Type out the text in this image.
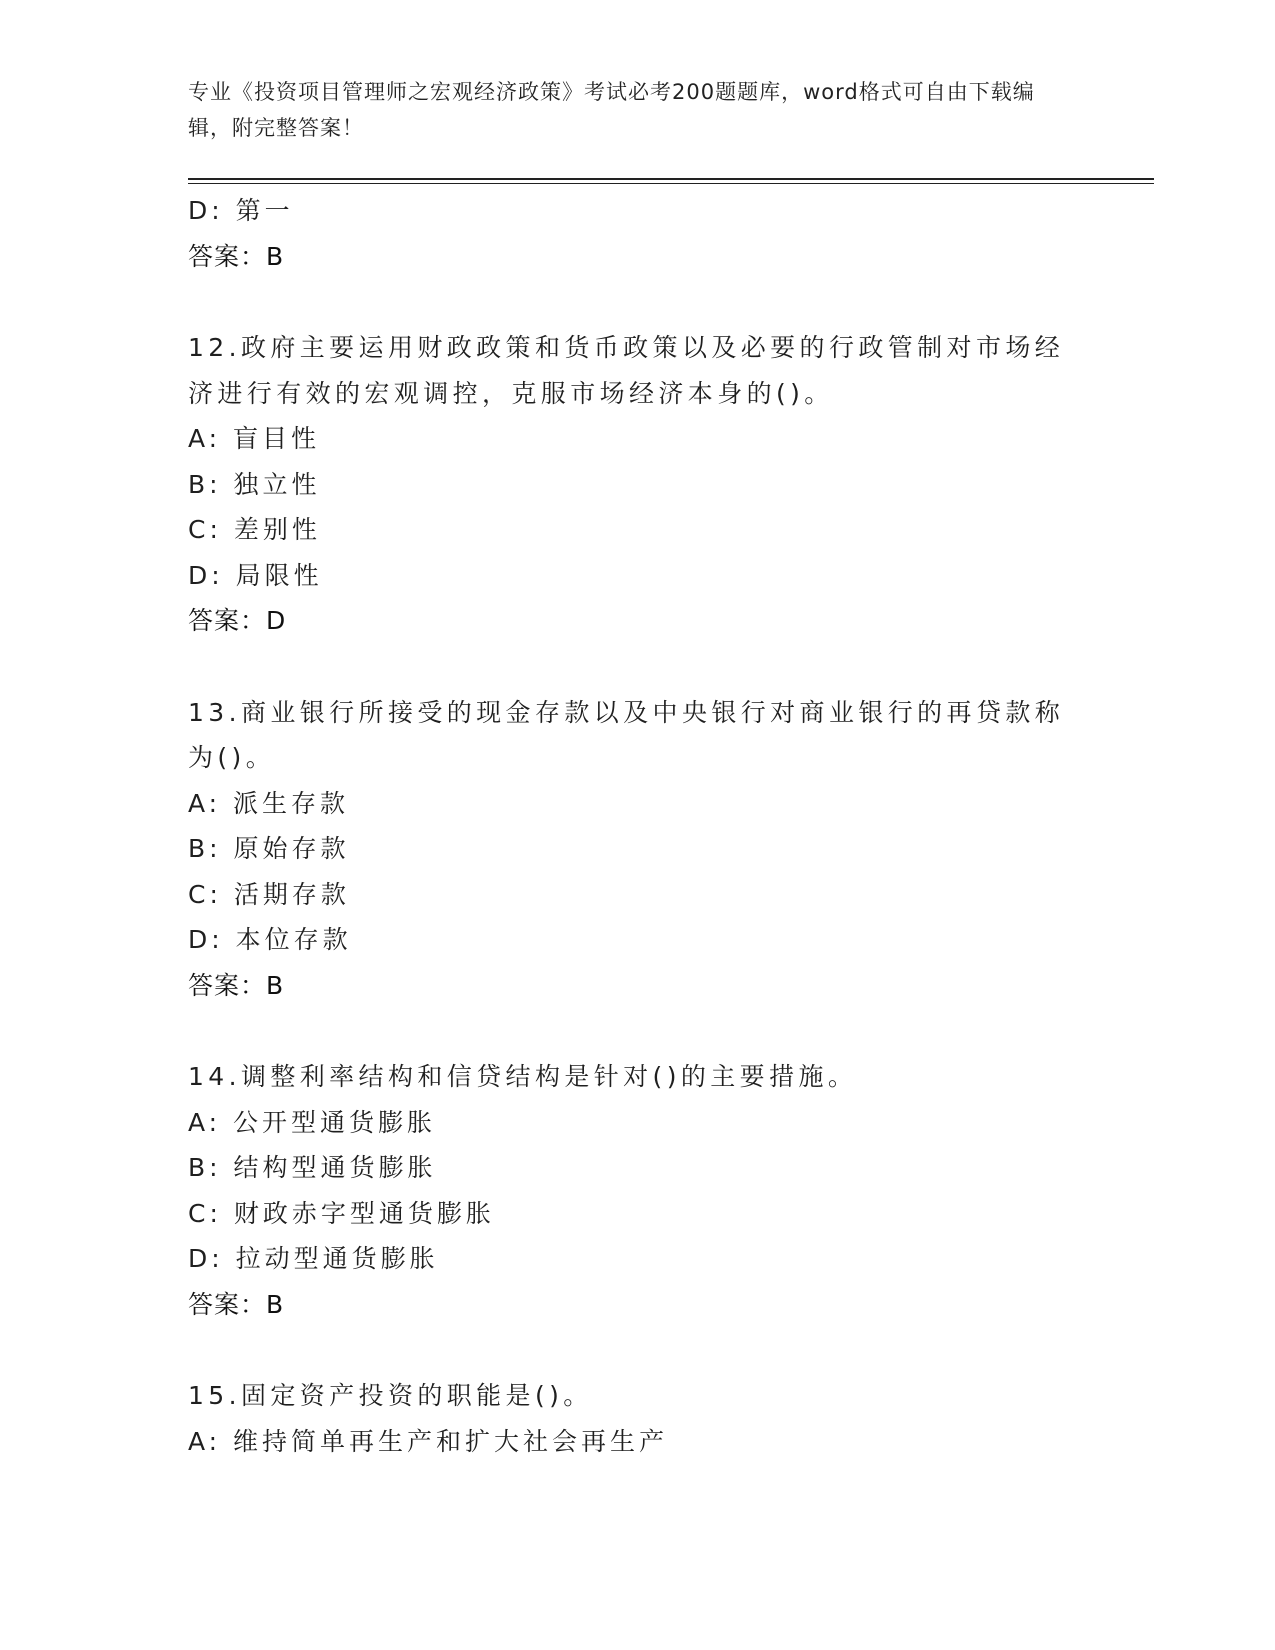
专业《投资项目管理师之宏观经济政策》考试必考200题题库，word格式可自由下载编辑，附完整答案！
D: 第一
答案：B
12.政府主要运用财政政策和货币政策以及必要的行政管制对市场经济进行有效的宏观调控，克服市场经济本身的()。
A: 盲目性
B: 独立性
C: 差别性
D: 局限性
答案：D
13.商业银行所接受的现金存款以及中央银行对商业银行的再贷款称为()。
A: 派生存款
B: 原始存款
C: 活期存款
D: 本位存款
答案：B
14.调整利率结构和信贷结构是针对()的主要措施。
A: 公开型通货膨胀
B: 结构型通货膨胀
C: 财政赤字型通货膨胀
D: 拉动型通货膨胀
答案：B
15.固定资产投资的职能是()。
A: 维持简单再生产和扩大社会再生产
